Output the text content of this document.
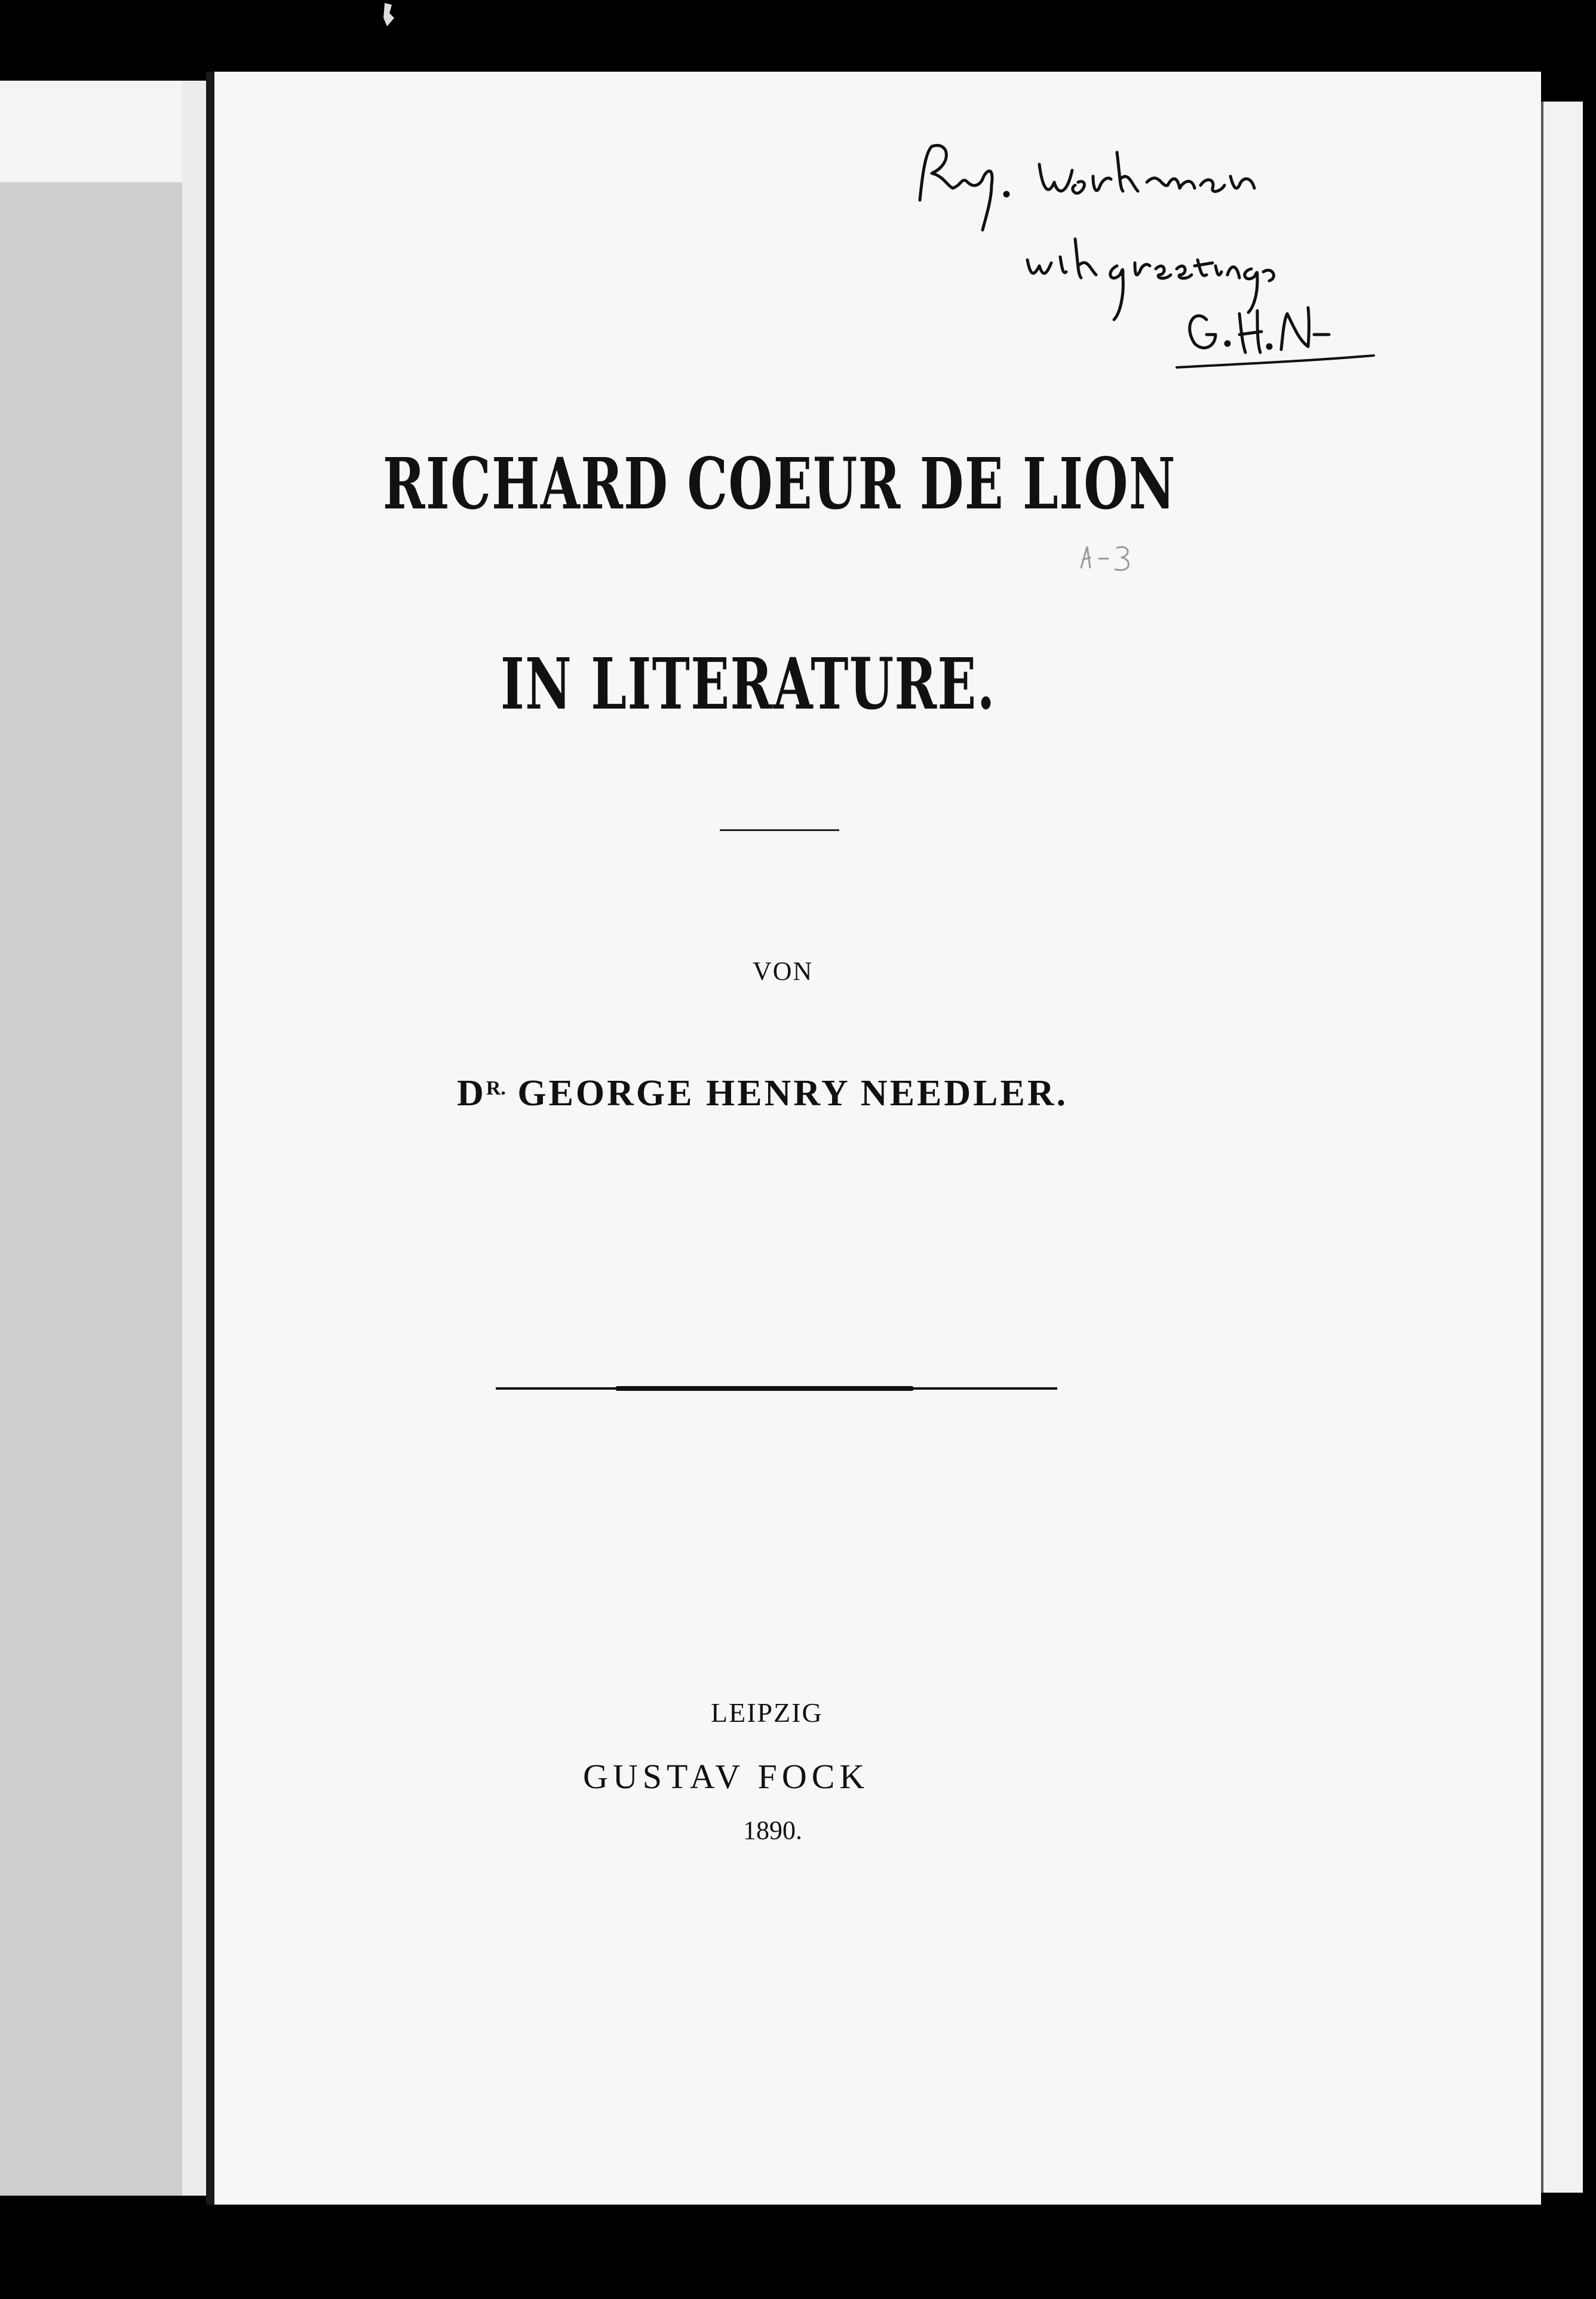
RICHARD COEUR DE LION
IN LITERATURE.
VON
$D^{R.}$ GEORGE HENRY NEEDLER.
LEIPZIG
GUSTAV FOCK
1890.
